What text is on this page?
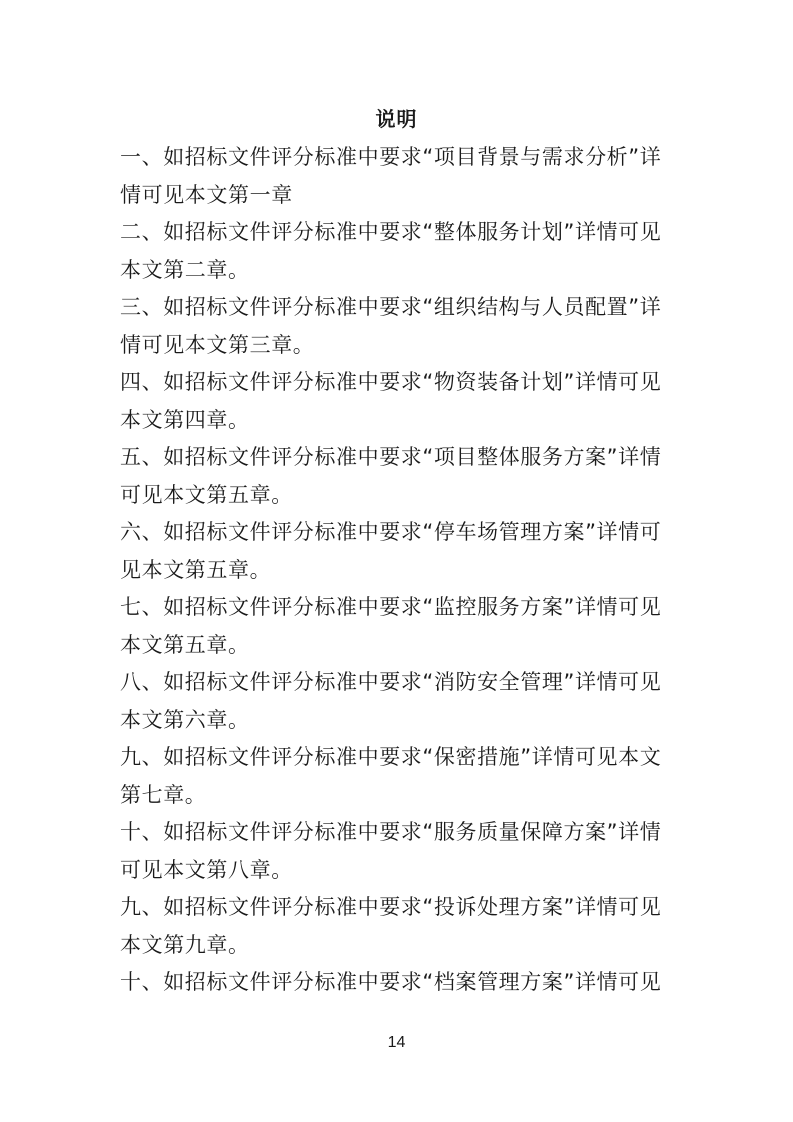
说明
一、如招标文件评分标准中要求“项目背景与需求分析”详
情可见本文第一章
二、如招标文件评分标准中要求“整体服务计划”详情可见
本文第二章。
三、如招标文件评分标准中要求“组织结构与人员配置”详
情可见本文第三章。
四、如招标文件评分标准中要求“物资装备计划”详情可见
本文第四章。
五、如招标文件评分标准中要求“项目整体服务方案”详情
可见本文第五章。
六、如招标文件评分标准中要求“停车场管理方案”详情可
见本文第五章。
七、如招标文件评分标准中要求“监控服务方案”详情可见
本文第五章。
八、如招标文件评分标准中要求“消防安全管理”详情可见
本文第六章。
九、如招标文件评分标准中要求“保密措施”详情可见本文
第七章。
十、如招标文件评分标准中要求“服务质量保障方案”详情
可见本文第八章。
九、如招标文件评分标准中要求“投诉处理方案”详情可见
本文第九章。
十、如招标文件评分标准中要求“档案管理方案”详情可见
14
